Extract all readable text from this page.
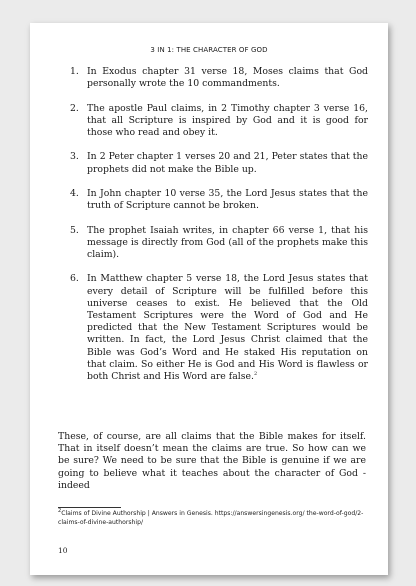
3 IN 1: THE CHARACTER OF GOD
1. In Exodus chapter 31 verse 18, Moses claims that God personally wrote the 10 commandments.
2. The apostle Paul claims, in 2 Timothy chapter 3 verse 16, that all Scripture is inspired by God and it is good for those who read and obey it.
3. In 2 Peter chapter 1 verses 20 and 21, Peter states that the prophets did not make the Bible up.
4. In John chapter 10 verse 35, the Lord Jesus states that the truth of Scripture cannot be broken.
5. The prophet Isaiah writes, in chapter 66 verse 1, that his message is directly from God (all of the prophets make this claim).
6. In Matthew chapter 5 verse 18, the Lord Jesus states that every detail of Scripture will be fulfilled before this universe ceases to exist. He believed that the Old Testament Scriptures were the Word of God and He predicted that the New Testament Scriptures would be written. In fact, the Lord Jesus Christ claimed that the Bible was God’s Word and He staked His reputation on that claim. So either He is God and His Word is flawless or both Christ and His Word are false.$^2$

These, of course, are all claims that the Bible makes for itself. That in itself doesn’t mean the claims are true. So how can we be sure? We need to be sure that the Bible is genuine if we are going to believe what it teaches about the character of God - indeed

$^2$Claims of Divine Authorship | Answers in Genesis. https://answersingenesis.org/ the-word-of-god/2-claims-of-divine-authorship/

10
